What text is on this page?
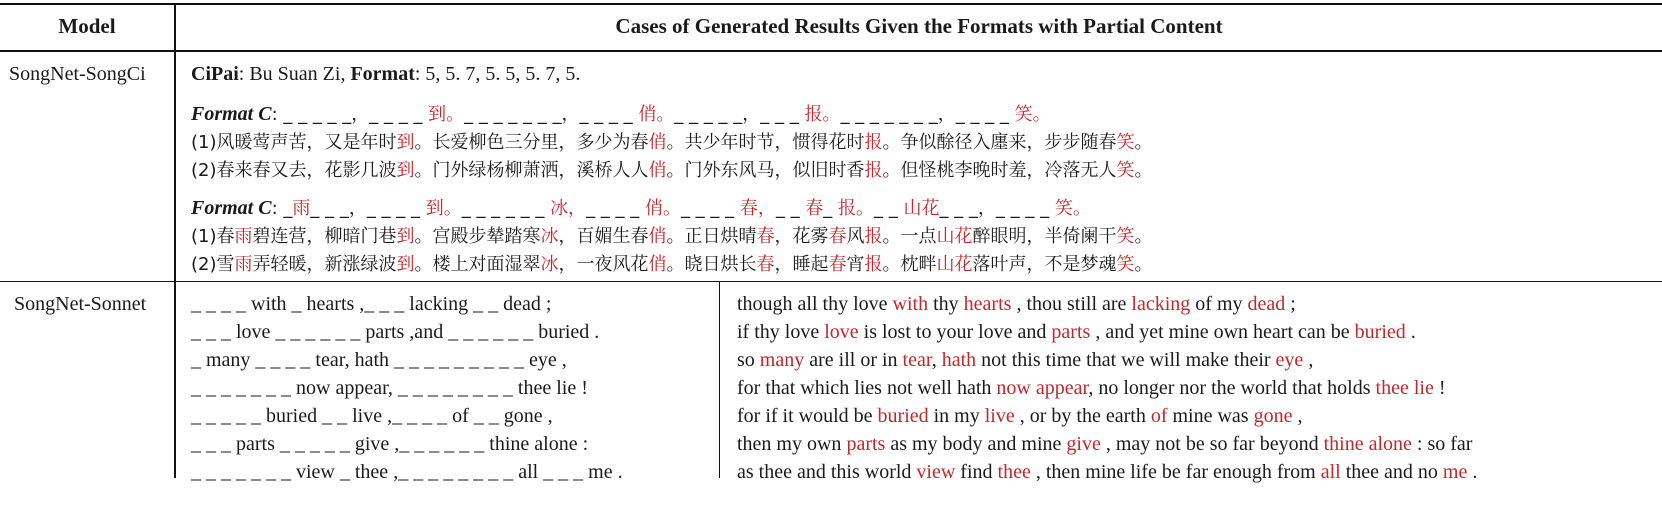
Model	Cases of Generated Results Given the Formats with Partial Content
SongNet-SongCi CiPai: Bu Suan Zi, Format: 5, 5. 7, 5. 5, 5. 7, 5.
Format C: _ _ _ _ _，_ _ _ _ 到。_ _ _ _ _ _ _，_ _ _ _ 俏。_ _ _ _ _，_ _ _ 报。_ _ _ _ _ _ _，_ _ _ _ 笑。
(1)风暖莺声苦，又是年时到。长爱柳色三分里，多少为春俏。共少年时节，惯得花时报。争似酴径入廛来，步步随春笑。
(2)春来春又去，花影几波到。门外绿杨柳萧洒，溪桥人人俏。门外东风马，似旧时香报。但怪桃李晚时羞，冷落无人笑。
Format C: _雨_ _ _，_ _ _ _ 到。_ _ _ _ _ _ 冰，_ _ _ _ 俏。_ _ _ _ 春，_ _ 春_ 报。_ _ 山花_ _ _，_ _ _ _ 笑。
(1)春雨碧连营，柳暗门巷到。宫殿步辇踏寒冰，百媚生春俏。正日烘晴春，花雾春风报。一点山花醉眼明，半倚阑干笑。
(2)雪雨弄轻暖，新涨绿波到。楼上对面湿翠冰，一夜风花俏。晓日烘长春，睡起春宵报。枕畔山花落叶声，不是梦魂笑。
SongNet-Sonnet _ _ _ _ with _ hearts ,_ _ _ lacking _ _ dead ;
_ _ _ love _ _ _ _ _ _ parts ,and _ _ _ _ _ _ buried .
_ many _ _ _ _ tear, hath _ _ _ _ _ _ _ _ _ eye ,
_ _ _ _ _ _ _ now appear, _ _ _ _ _ _ _ _ thee lie !
_ _ _ _ _ buried _ _ live ,_ _ _ _ of _ _ gone ,
_ _ _ parts _ _ _ _ _ give ,_ _ _ _ _ _ thine alone :
_ _ _ _ _ _ _ view _ thee ,_ _ _ _ _ _ _ _ all _ _ _ me .
though all thy love with thy hearts , thou still are lacking of my dead ;
if thy love love is lost to your love and parts , and yet mine own heart can be buried .
so many are ill or in tear, hath not this time that we will make their eye ,
for that which lies not well hath now appear, no longer nor the world that holds thee lie !
for if it would be buried in my live , or by the earth of mine was gone ,
then my own parts as my body and mine give , may not be so far beyond thine alone : so far
as thee and this world view find thee , then mine life be far enough from all thee and no me .
